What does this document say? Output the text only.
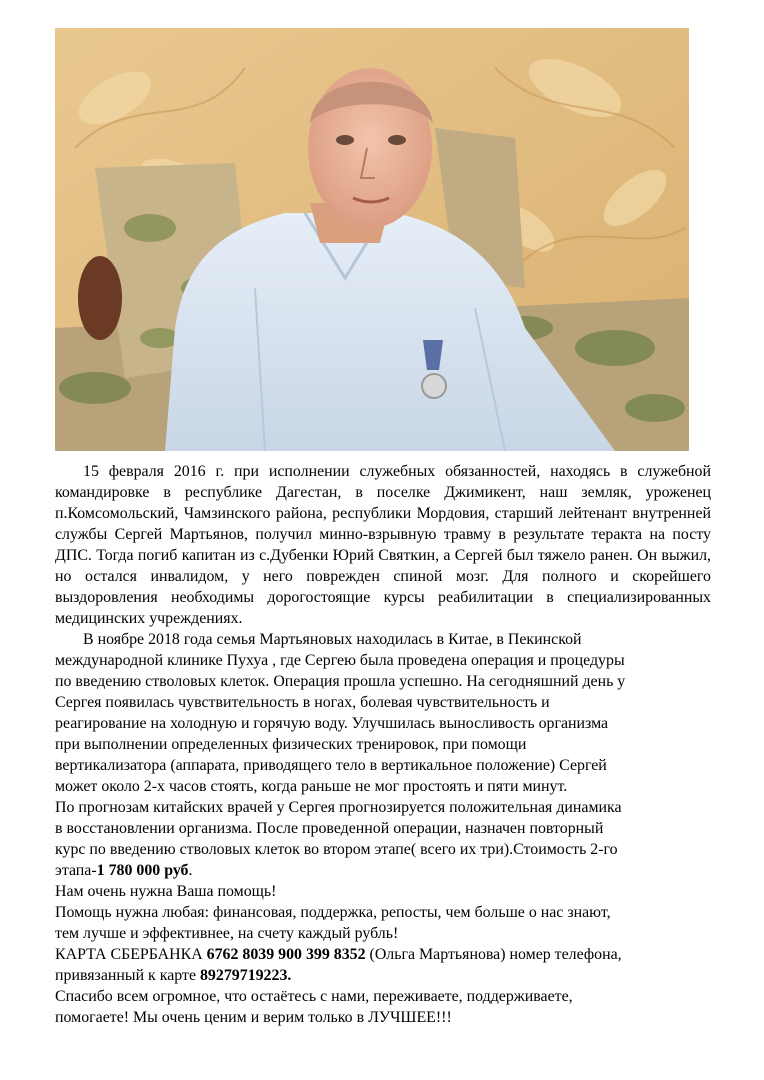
15 февраля 2016 г. при исполнении служебных обязанностей, находясь в служебной командировке в республике Дагестан, в поселке Джимикент, наш земляк, уроженец п.Комсомольский, Чамзинского района, республики Мордовия, старший лейтенант внутренней службы Сергей Мартьянов, получил минно-взрывную травму в результате теракта на посту ДПС. Тогда погиб капитан из с.Дубенки Юрий Святкин, а Сергей был тяжело ранен. Он выжил, но остался инвалидом, у него поврежден спиной мозг. Для полного и скорейшего выздоровления необходимы дорогостоящие курсы реабилитации в специализированных медицинских учреждениях.

В ноябре 2018 года семья Мартьяновых находилась в Китае, в Пекинской

международной клинике Пухуа , где Сергею была проведена операция и процедуры

по введению стволовых клеток. Операция прошла успешно. На сегодняшний день у

Сергея появилась чувствительность в ногах, болевая чувствительность и

реагирование на холодную и горячую воду. Улучшилась выносливость организма

при выполнении определенных физических тренировок, при помощи

вертикализатора (аппарата, приводящего тело в вертикальное положение) Сергей

может около 2-х часов стоять, когда раньше не мог простоять и пяти минут.

По прогнозам китайских врачей у Сергея прогнозируется положительная динамика

в восстановлении организма. После проведенной операции, назначен повторный

курс по введению стволовых клеток во втором этапе( всего их три).Стоимость 2-го

этапа-1 780 000 руб.

Нам очень нужна Ваша помощь!

Помощь нужна любая: финансовая, поддержка, репосты, чем больше о нас знают,

тем лучше и эффективнее, на счету каждый рубль!

КАРТА СБЕРБАНКА 6762 8039 900 399 8352 (Ольга Мартьянова) номер телефона,

привязанный к карте 89279719223.

Спасибо всем огромное, что остаётесь с нами, переживаете, поддерживаете,

помогаете! Мы очень ценим и верим только в ЛУЧШЕЕ!!!
